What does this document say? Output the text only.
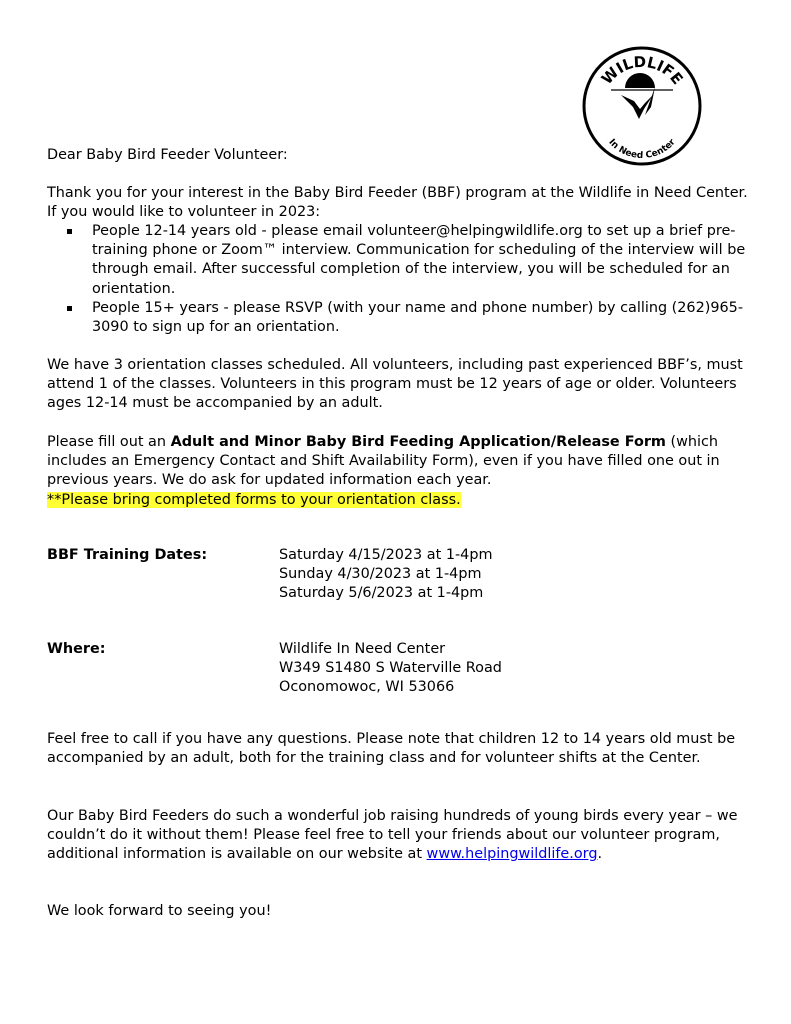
WILDLIFE
In Need Center

Dear Baby Bird Feeder Volunteer:

Thank you for your interest in the Baby Bird Feeder (BBF) program at the Wildlife in Need Center. If you would like to volunteer in 2023:

People 12-14 years old - please email volunteer@helpingwildlife.org to set up a brief pre-training phone or Zoom™ interview. Communication for scheduling of the interview will be through email. After successful completion of the interview, you will be scheduled for an orientation.
People 15+ years - please RSVP (with your name and phone number) by calling (262)965-3090 to sign up for an orientation.

We have 3 orientation classes scheduled. All volunteers, including past experienced BBF’s, must attend 1 of the classes. Volunteers in this program must be 12 years of age or older. Volunteers ages 12-14 must be accompanied by an adult.

Please fill out an Adult and Minor Baby Bird Feeding Application/Release Form (which includes an Emergency Contact and Shift Availability Form), even if you have filled one out in previous years. We do ask for updated information each year.
**Please bring completed forms to your orientation class.

BBF Training Dates:	Saturday 4/15/2023 at 1-4pm
Sunday 4/30/2023 at 1-4pm
Saturday 5/6/2023 at 1-4pm
Where:	Wildlife In Need Center
W349 S1480 S Waterville Road
Oconomowoc, WI 53066

Feel free to call if you have any questions. Please note that children 12 to 14 years old must be accompanied by an adult, both for the training class and for volunteer shifts at the Center.

Our Baby Bird Feeders do such a wonderful job raising hundreds of young birds every year – we couldn’t do it without them! Please feel free to tell your friends about our volunteer program, additional information is available on our website at www.helpingwildlife.org.

We look forward to seeing you!
